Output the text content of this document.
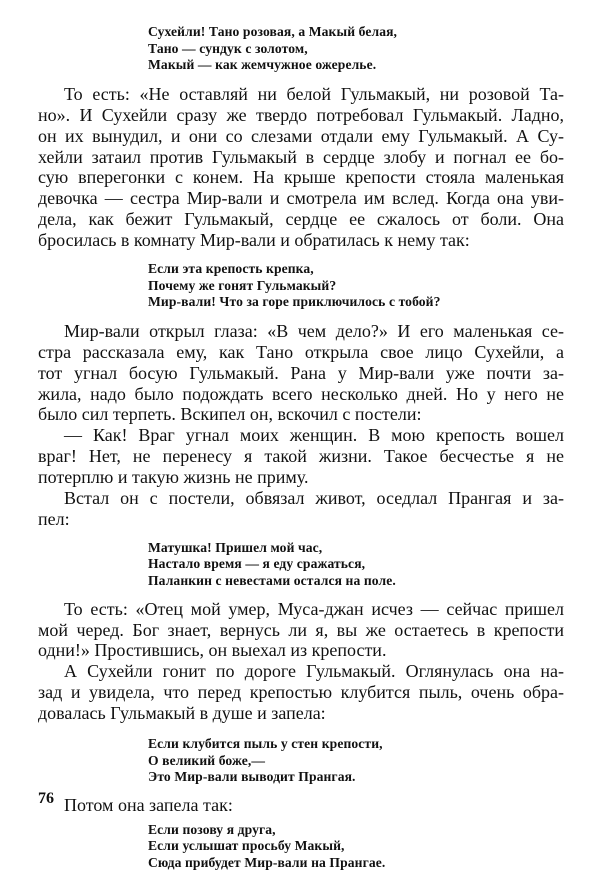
Сухейли! Тано розовая, а Макый белая,
Тано — сундук с золотом,
Макый — как жемчужное ожерелье.
То есть: «Не оставляй ни белой Гульмакый, ни розовой Та-
но». И Сухейли сразу же твердо потребовал Гульмакый. Ладно,
он их вынудил, и они со слезами отдали ему Гульмакый. А Су-
хейли затаил против Гульмакый в сердце злобу и погнал ее бо-
сую вперегонки с конем. На крыше крепости стояла маленькая
девочка — сестра Мир-вали и смотрела им вслед. Когда она уви-
дела, как бежит Гульмакый, сердце ее сжалось от боли. Она
бросилась в комнату Мир-вали и обратилась к нему так:
Если эта крепость крепка,
Почему же гонят Гульмакый?
Мир-вали! Что за горе приключилось с тобой?
Мир-вали открыл глаза: «В чем дело?» И его маленькая се-
стра рассказала ему, как Тано открыла свое лицо Сухейли, а
тот угнал босую Гульмакый. Рана у Мир-вали уже почти за-
жила, надо было подождать всего несколько дней. Но у него не
было сил терпеть. Вскипел он, вскочил с постели:
— Как! Враг угнал моих женщин. В мою крепость вошел
враг! Нет, не перенесу я такой жизни. Такое бесчестье я не
потерплю и такую жизнь не приму.
Встал он с постели, обвязал живот, оседлал Прангая и за-
пел:
Матушка! Пришел мой час,
Настало время — я еду сражаться,
Паланкин с невестами остался на поле.
То есть: «Отец мой умер, Муса-джан исчез — сейчас пришел
мой черед. Бог знает, вернусь ли я, вы же остаетесь в крепости
одни!» Простившись, он выехал из крепости.
А Сухейли гонит по дороге Гульмакый. Оглянулась она на-
зад и увидела, что перед крепостью клубится пыль, очень обра-
довалась Гульмакый в душе и запела:
Если клубится пыль у стен крепости,
О великий боже,—
Это Мир-вали выводит Прангая.
Потом она запела так:
Если позову я друга,
Если услышат просьбу Макый,
Сюда прибудет Мир-вали на Прангае.
76
